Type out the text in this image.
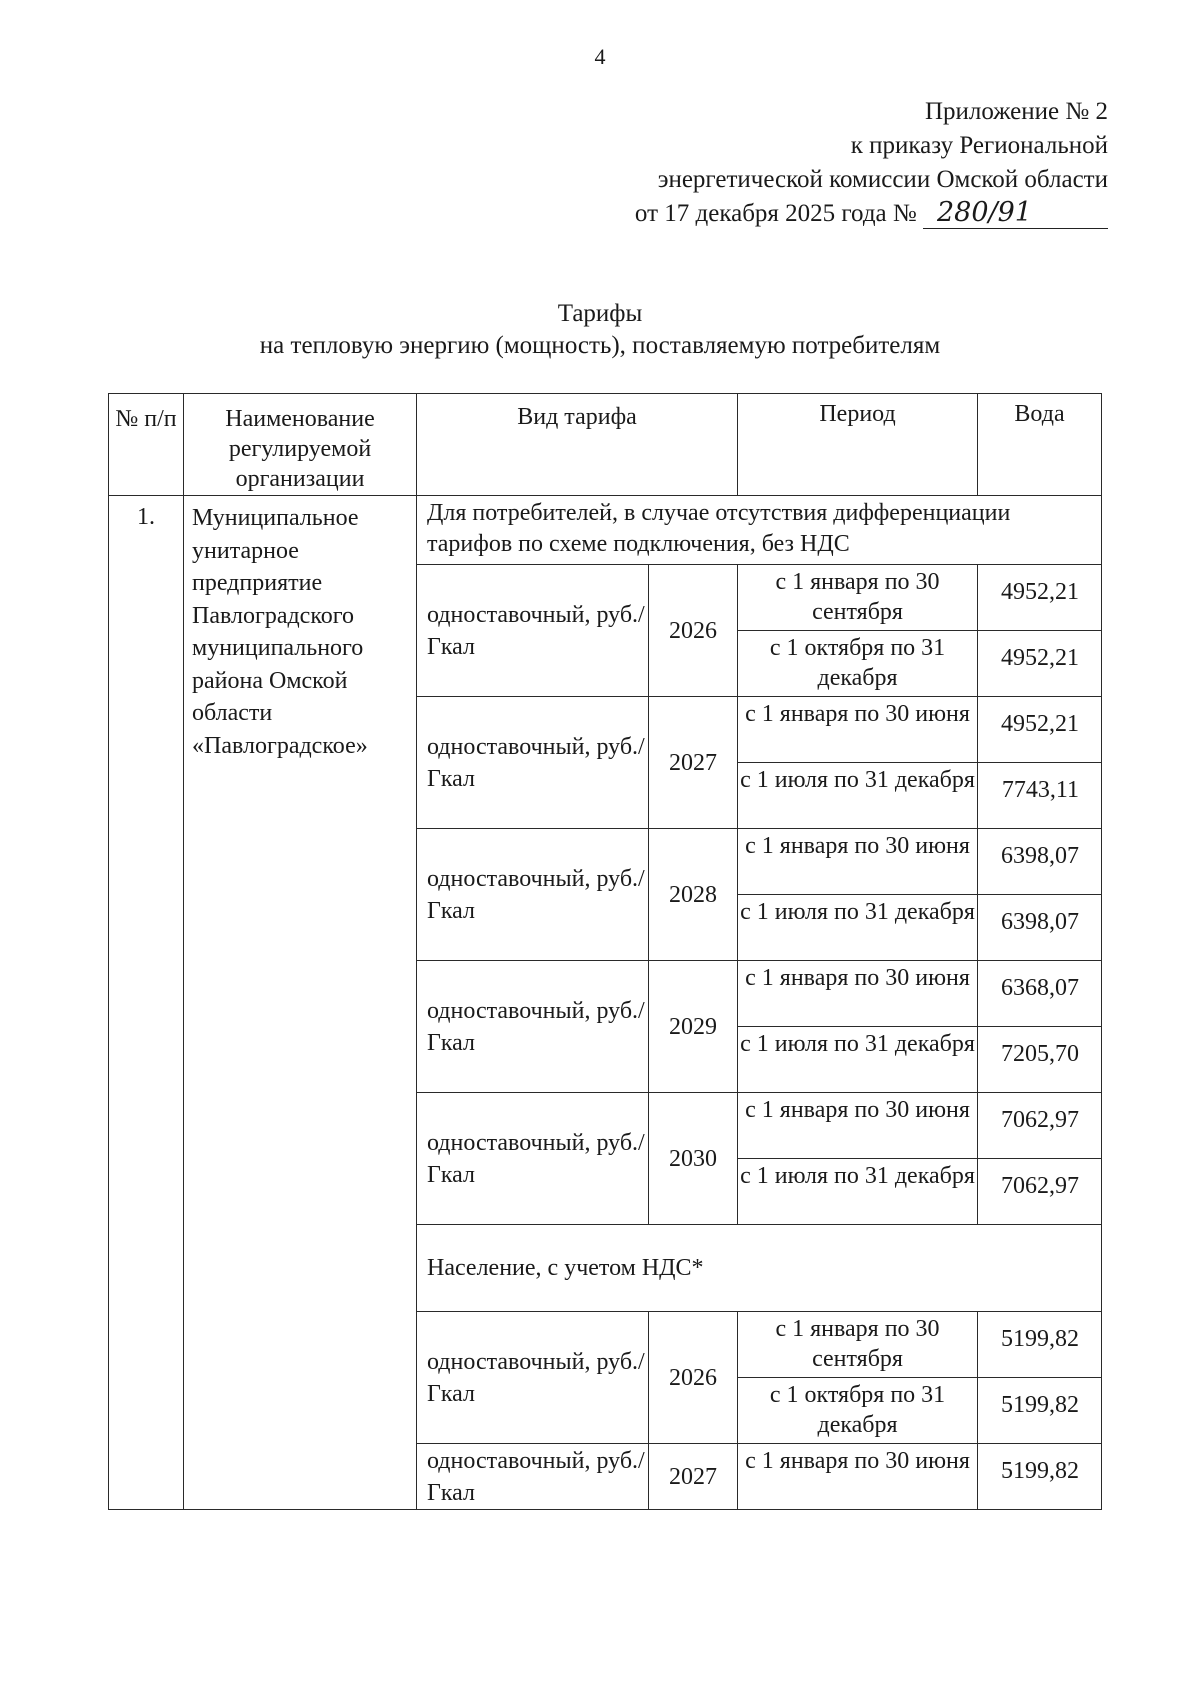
4
Приложение № 2
к приказу Региональной
энергетической комиссии Омской области
от 17 декабря 2025 года № 280/91
Тарифы
на тепловую энергию (мощность), поставляемую потребителям
№ п/п	Наименование регулируемой организации	Вид тарифа		Период	Вода
1.	Муниципальное унитарное предприятие Павлоградского муниципального района Омской области «Павлоградское»	Для потребителей, в случае отсутствия дифференциации тарифов по схеме подключения, без НДС			
		одноставочный, руб./Гкал	2026	с 1 января по 30 сентября	4952,21
				с 1 октября по 31 декабря	4952,21
		одноставочный, руб./Гкал	2027	с 1 января по 30 июня	4952,21
				с 1 июля по 31 декабря	7743,11
		одноставочный, руб./Гкал	2028	с 1 января по 30 июня	6398,07
				с 1 июля по 31 декабря	6398,07
		одноставочный, руб./Гкал	2029	с 1 января по 30 июня	6368,07
				с 1 июля по 31 декабря	7205,70
		одноставочный, руб./Гкал	2030	с 1 января по 30 июня	7062,97
				с 1 июля по 31 декабря	7062,97
		Население, с учетом НДС*			
		одноставочный, руб./Гкал	2026	с 1 января по 30 сентября	5199,82
				с 1 октября по 31 декабря	5199,82
		одноставочный, руб./Гкал	2027	с 1 января по 30 июня	5199,82
